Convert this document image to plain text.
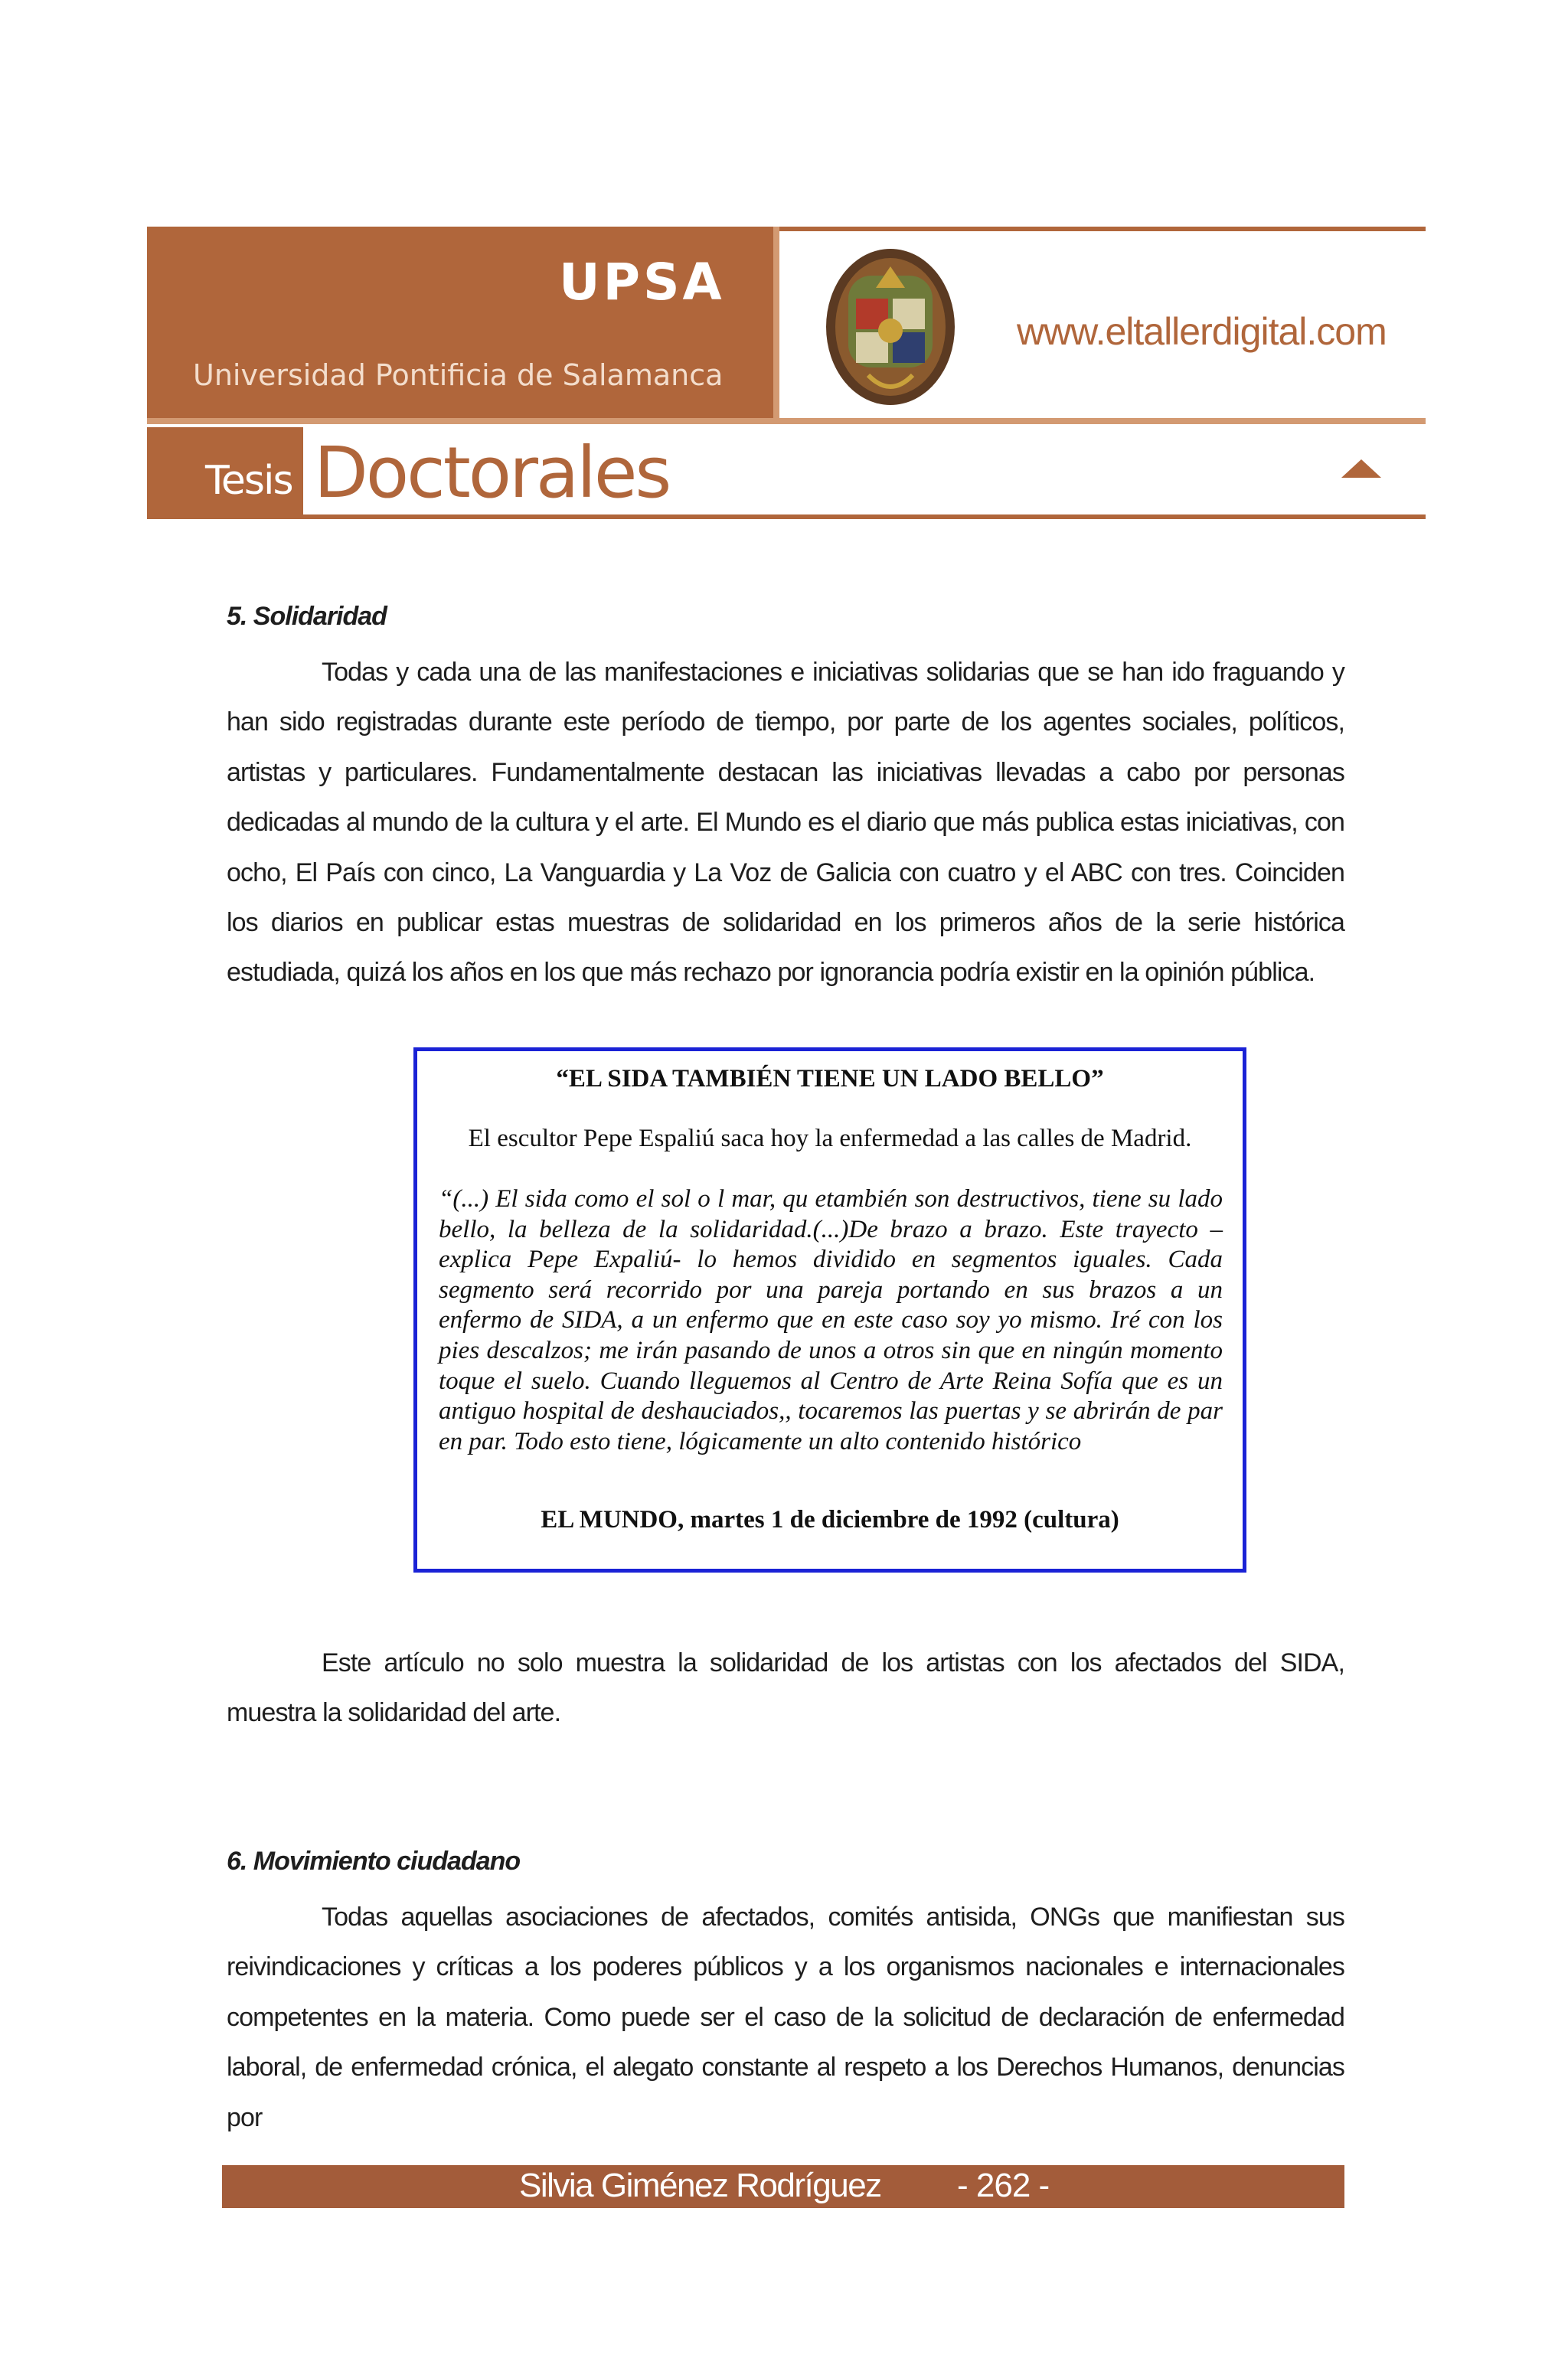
UPSA
Universidad Pontificia de Salamanca
www.eltallerdigital.com
Tesis Doctorales
5. Solidaridad

Todas y cada una de las manifestaciones e iniciativas solidarias que se han ido fraguando y han sido registradas durante este período de tiempo, por parte de los agentes sociales, políticos, artistas y particulares. Fundamentalmente destacan las iniciativas llevadas a cabo por personas dedicadas al mundo de la cultura y el arte. El Mundo es el diario que más publica estas iniciativas, con ocho, El País con cinco, La Vanguardia y La Voz de Galicia con cuatro y el ABC con tres. Coinciden los diarios en publicar estas muestras de solidaridad en los primeros años de la serie histórica estudiada, quizá los años en los que más rechazo por ignorancia podría existir en la opinión pública.

“EL SIDA TAMBIÉN TIENE UN LADO BELLO”
El escultor Pepe Espaliú saca hoy la enfermedad a las calles de Madrid.

“(...) El sida como el sol o l mar, qu etambién son destructivos, tiene su lado bello, la belleza de la solidaridad.(...)De brazo a brazo. Este trayecto –explica Pepe Expaliú- lo hemos dividido en segmentos iguales. Cada segmento será recorrido por una pareja portando en sus brazos a un enfermo de SIDA, a un enfermo que en este caso soy yo mismo. Iré con los pies descalzos; me irán pasando de unos a otros sin que en ningún momento toque el suelo. Cuando lleguemos al Centro de Arte Reina Sofía que es un antiguo hospital de deshauciados,, tocaremos las puertas y se abrirán de par en par. Todo esto tiene, lógicamente un alto contenido histórico

EL MUNDO, martes 1 de diciembre de 1992 (cultura)

Este artículo no solo muestra la solidaridad de los artistas con los afectados del SIDA, muestra la solidaridad del arte.

6. Movimiento ciudadano

Todas aquellas asociaciones de afectados, comités antisida, ONGs que manifiestan sus reivindicaciones y críticas a los poderes públicos y a los organismos nacionales e internacionales competentes en la materia. Como puede ser el caso de la solicitud de declaración de enfermedad laboral, de enfermedad crónica, el alegato constante al respeto a los Derechos Humanos, denuncias por

Silvia Giménez Rodríguez - 262 -
